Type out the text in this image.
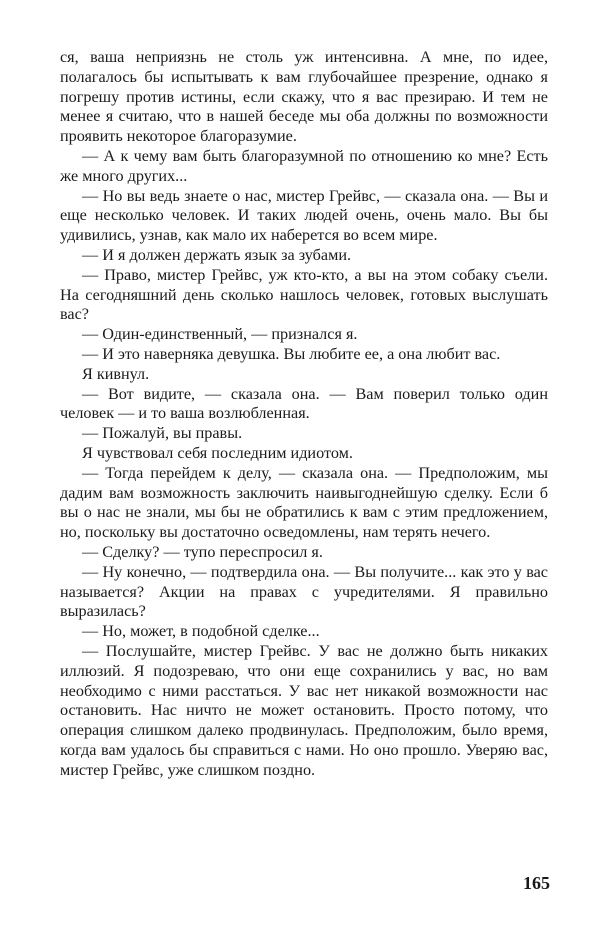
ся, ваша неприязнь не столь уж интенсивна. А мне, по идее, полагалось бы испытывать к вам глубочайшее презрение, однако я погрешу против истины, если скажу, что я вас презираю. И тем не менее я считаю, что в нашей беседе мы оба должны по возможности проявить некоторое благоразумие.

— А к чему вам быть благоразумной по отношению ко мне? Есть же много других...

— Но вы ведь знаете о нас, мистер Грейвс, — сказала она. — Вы и еще несколько человек. И таких людей очень, очень мало. Вы бы удивились, узнав, как мало их наберется во всем мире.

— И я должен держать язык за зубами.

— Право, мистер Грейвс, уж кто-кто, а вы на этом собаку съели. На сегодняшний день сколько нашлось человек, готовых выслушать вас?

— Один-единственный, — признался я.

— И это наверняка девушка. Вы любите ее, а она любит вас.

Я кивнул.

— Вот видите, — сказала она. — Вам поверил только один человек — и то ваша возлюбленная.

— Пожалуй, вы правы.

Я чувствовал себя последним идиотом.

— Тогда перейдем к делу, — сказала она. — Предположим, мы дадим вам возможность заключить наивыгоднейшую сделку. Если б вы о нас не знали, мы бы не обратились к вам с этим предложением, но, поскольку вы достаточно осведомлены, нам терять нечего.

— Сделку? — тупо переспросил я.

— Ну конечно, — подтвердила она. — Вы получите... как это у вас называется? Акции на правах с учредителями. Я правильно выразилась?

— Но, может, в подобной сделке...

— Послушайте, мистер Грейвс. У вас не должно быть никаких иллюзий. Я подозреваю, что они еще сохранились у вас, но вам необходимо с ними расстаться. У вас нет никакой возможности нас остановить. Нас ничто не может остановить. Просто потому, что операция слишком далеко продвинулась. Предположим, было время, когда вам удалось бы справиться с нами. Но оно прошло. Уверяю вас, мистер Грейвс, уже слишком поздно.

165
